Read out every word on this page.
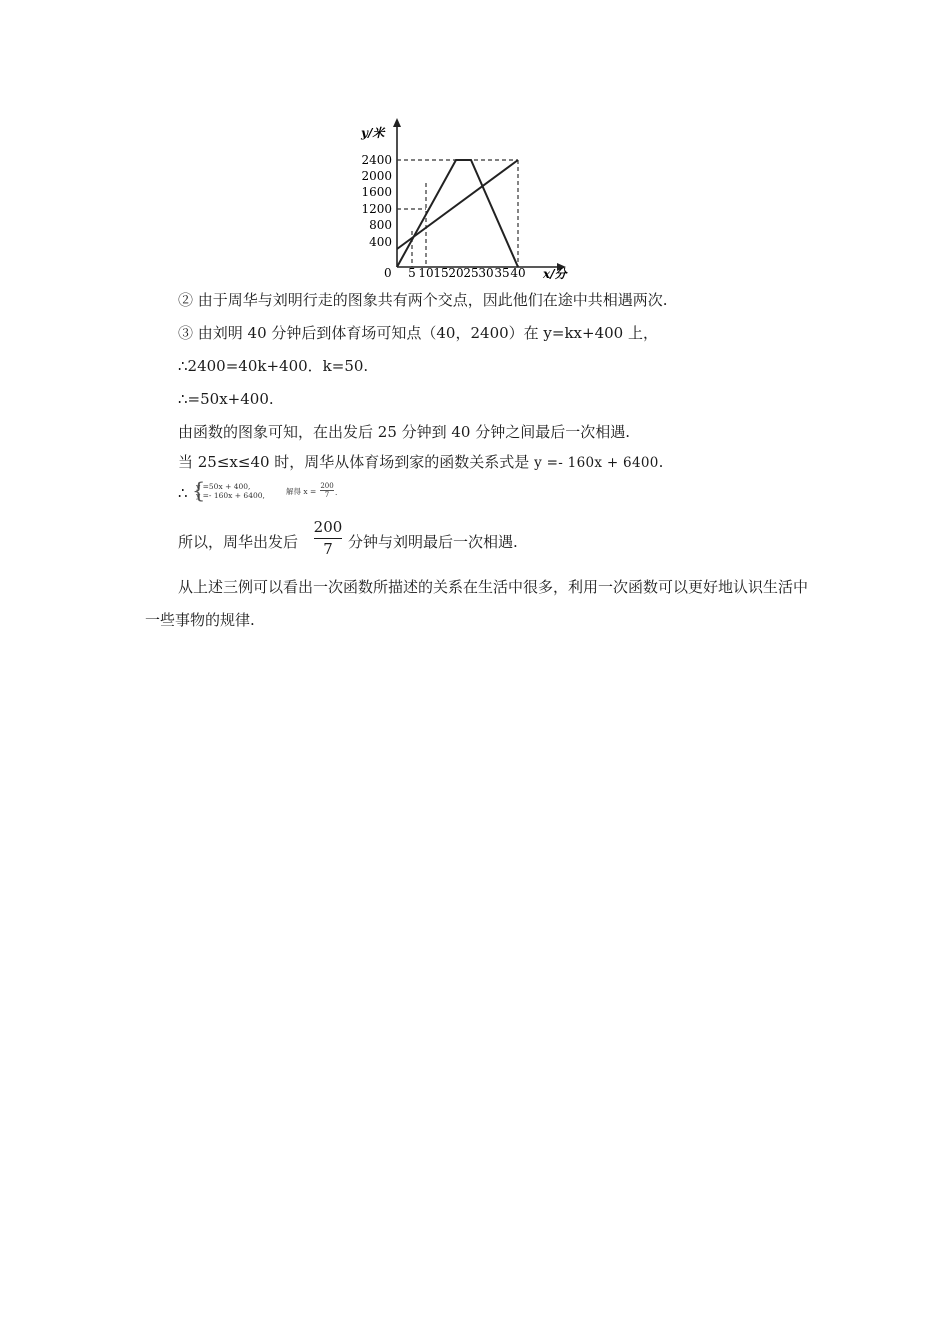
y/米
2400
2000
1600
1200
800
400
0 5 10 15 20 25 30 35 40 x/分
② 由于周华与刘明行走的图象共有两个交点，因此他们在途中共相遇两次.
③ 由刘明 40 分钟后到体育场可知点（40，2400）在 y=kx+400 上，
∴2400=40k+400．k=50.
∴=50x+400.
由函数的图象可知，在出发后 25 分钟到 40 分钟之间最后一次相遇.
当 25≤x≤40 时，周华从体育场到家的函数关系式是 y =- 160x + 6400.
∴ {
y =50x + 400,
y =- 160x + 6400,	解得 x =
200
7 .
所以，周华出发后
200
7	分钟与刘明最后一次相遇.
从上述三例可以看出一次函数所描述的关系在生活中很多，利用一次函数可以更好地认识生活中一些事物的规律.
